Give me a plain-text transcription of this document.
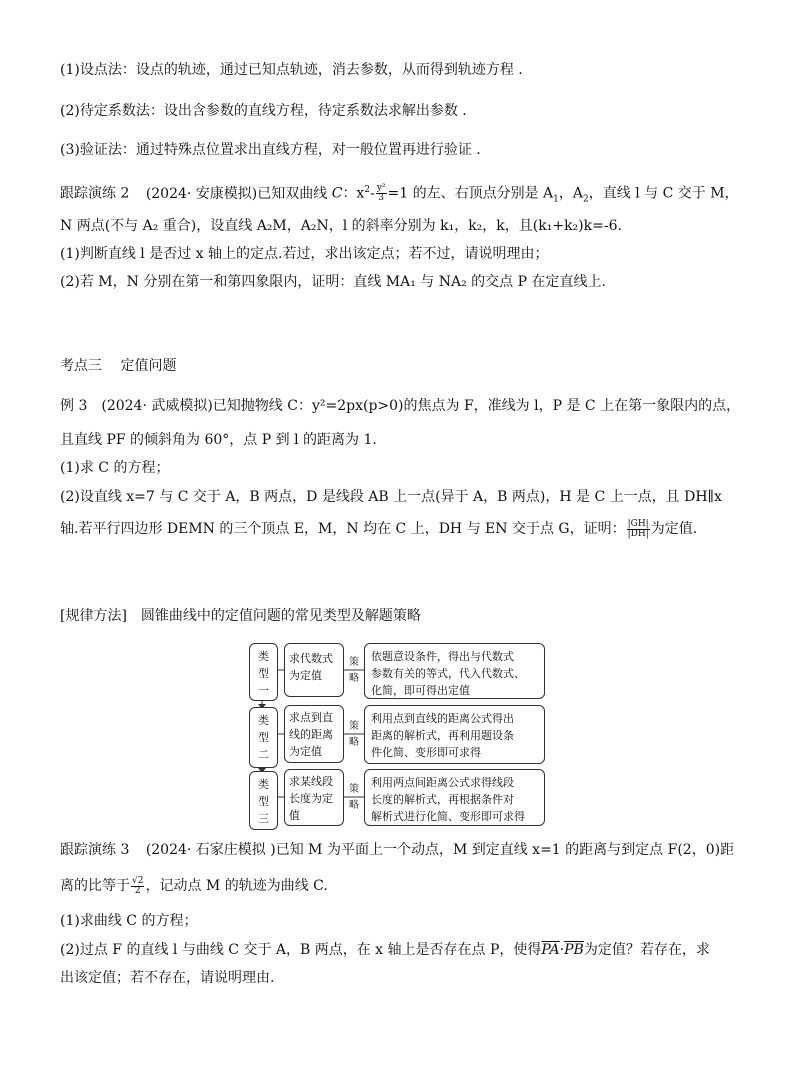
(1)设点法：设点的轨迹，通过已知点轨迹，消去参数，从而得到轨迹方程 .
(2)待定系数法：设出含参数的直线方程，待定系数法求解出参数 .
(3)验证法：通过特殊点位置求出直线方程，对一般位置再进行验证 .
跟踪演练 2 (2024· 安康模拟)已知双曲线 C：$x^2- \frac{\text{y²}}{3} =1$ 的左、右顶点分别是 $A_1$，$A_2$，直线 l 与 C 交于 M，
N 两点(不与 A₂ 重合)，设直线 A₂M，A₂N，l 的斜率分别为 k₁，k₂，k，且(k₁+k₂)k=-6.
(1)判断直线 l 是否过 x 轴上的定点.若过，求出该定点；若不过，请说明理由；
(2)若 M，N 分别在第一和第四象限内，证明：直线 MA₁ 与 NA₂ 的交点 P 在定直线上.
考点三　 定值问题
例 3　(2024· 武威模拟)已知抛物线 C：y²=2px(p>0)的焦点为 F，准线为 l，P 是 C 上在第一象限内的点，
且直线 PF 的倾斜角为 60°，点 P 到 l 的距离为 1.
(1)求 C 的方程；
(2)设直线 x=7 与 C 交于 A，B 两点，D 是线段 AB 上一点(异于 A，B 两点)，H 是 C 上一点，且 DH∥x
轴.若平行四边形 DEMN 的三个顶点 E，M，N 均在 C 上，DH 与 EN 交于点 G，证明： $\frac{|GH|}{|DH|}$ 为定值.
[规律方法]　圆锥曲线中的定值问题的常见类型及解题策略
类
型
一
求代数式
为定值
策
略
依题意设条件，得出与代数式
参数有关的等式，代入代数式、
化简，即可得出定值
类
型
二
求点到直
线的距离
为定值
策
略
利用点到直线的距离公式得出
距离的解析式，再利用题设条
件化简、变形即可求得
类
型
三
求某线段
长度为定
值
策
略
利用两点间距离公式求得线段
长度的解析式，再根据条件对
解析式进行化简、变形即可求得
跟踪演练 3 (2024· 石家庄模拟 )已知 M 为平面上一个动点，M 到定直线 x=1 的距离与到定点 F(2，0)距
离的比等于 $\frac{√2}{2}$ ，记动点 M 的轨迹为曲线 C.
(1)求曲线 C 的方程；
(2)过点 F 的直线 l 与曲线 C 交于 A，B 两点，在 x 轴上是否存在点 P，使得$\overline{PA}\cdot\overline{PB}$为定值？若存在，求
出该定值；若不存在，请说明理由.
